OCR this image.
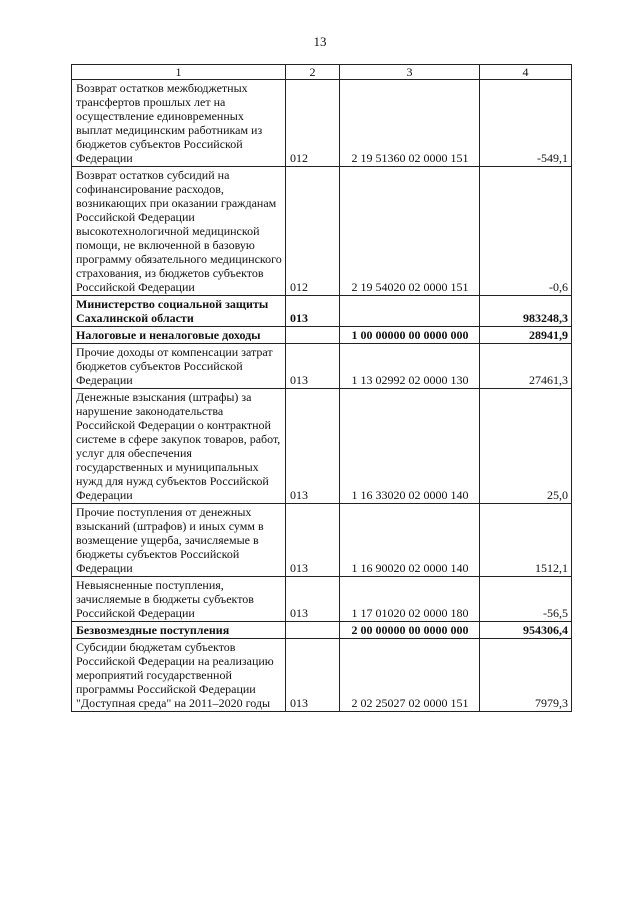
13
1	2	3	4
Возврат остатков межбюджетных трансфертов прошлых лет на осуществление единовременных выплат медицинским работникам из бюджетов субъектов Российской Федерации	012	2 19 51360 02 0000 151	-549,1
Возврат остатков субсидий на софинансирование расходов, возникающих при оказании гражданам Российской Федерации высокотехнологичной медицинской помощи, не включенной в базовую программу обязательного медицинского страхования, из бюджетов субъектов Российской Федерации	012	2 19 54020 02 0000 151	-0,6
Министерство социальной защиты Сахалинской области	013		983248,3
Налоговые и неналоговые доходы		1 00 00000 00 0000 000	28941,9
Прочие доходы от компенсации затрат бюджетов субъектов Российской Федерации	013	1 13 02992 02 0000 130	27461,3
Денежные взыскания (штрафы) за нарушение законодательства Российской Федерации о контрактной системе в сфере закупок товаров, работ, услуг для обеспечения государственных и муниципальных нужд для нужд субъектов Российской Федерации	013	1 16 33020 02 0000 140	25,0
Прочие поступления от денежных взысканий (штрафов) и иных сумм в возмещение ущерба, зачисляемые в бюджеты субъектов Российской Федерации	013	1 16 90020 02 0000 140	1512,1
Невыясненные поступления, зачисляемые в бюджеты субъектов Российской Федерации	013	1 17 01020 02 0000 180	-56,5
Безвозмездные поступления		2 00 00000 00 0000 000	954306,4
Субсидии бюджетам субъектов Российской Федерации на реализацию мероприятий государственной программы Российской Федерации "Доступная среда" на 2011–2020 годы	013	2 02 25027 02 0000 151	7979,3
